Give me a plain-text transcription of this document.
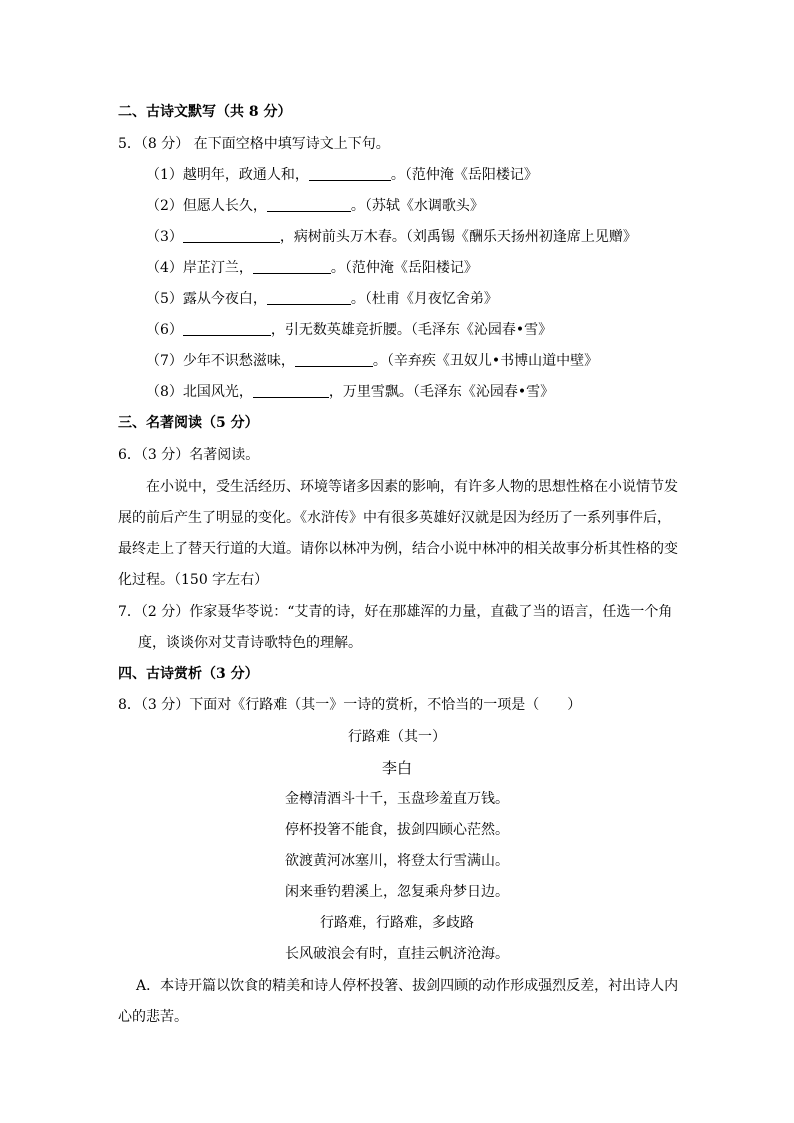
二、古诗文默写（共 8 分）
5．（8 分） 在下面空格中填写诗文上下句。
（1）越明年，政通人和，	。（范仲淹《岳阳楼记》
（2）但愿人长久，	。（苏轼《水调歌头》
（3）	，病树前头万木春。（刘禹锡《酬乐天扬州初逢席上见赠》
（4）岸芷汀兰，	。（范仲淹《岳阳楼记》
（5）露从今夜白，	。（杜甫《月夜忆舍弟》
（6）	，引无数英雄竞折腰。（毛泽东《沁园春•雪》
（7）少年不识愁滋味，	。（辛弃疾《丑奴儿•书博山道中壁》
（8）北国风光，	，万里雪飘。（毛泽东《沁园春•雪》
三、名著阅读（5 分）
6．（3 分）名著阅读。
在小说中，受生活经历、环境等诸多因素的影响，有许多人物的思想性格在小说情节发
展的前后产生了明显的变化。《水浒传》中有很多英雄好汉就是因为经历了一系列事件后，
最终走上了替天行道的大道。请你以林冲为例，结合小说中林冲的相关故事分析其性格的变
化过程。（150 字左右）
7．（2 分）作家聂华苓说：“艾青的诗，好在那雄浑的力量，直截了当的语言，任选一个角
度，谈谈你对艾青诗歌特色的理解。
四、古诗赏析（3 分）
8．（3 分）下面对《行路难（其一》一诗的赏析，不恰当的一项是（　　）
行路难（其一）
李白
金樽清酒斗十千，玉盘珍羞直万钱。
停杯投箸不能食，拔剑四顾心茫然。
欲渡黄河冰塞川，将登太行雪满山。
闲来垂钓碧溪上，忽复乘舟梦日边。
行路难，行路难，多歧路
长风破浪会有时，直挂云帆济沧海。
A．本诗开篇以饮食的精美和诗人停杯投箸、拔剑四顾的动作形成强烈反差，衬出诗人内
心的悲苦。
